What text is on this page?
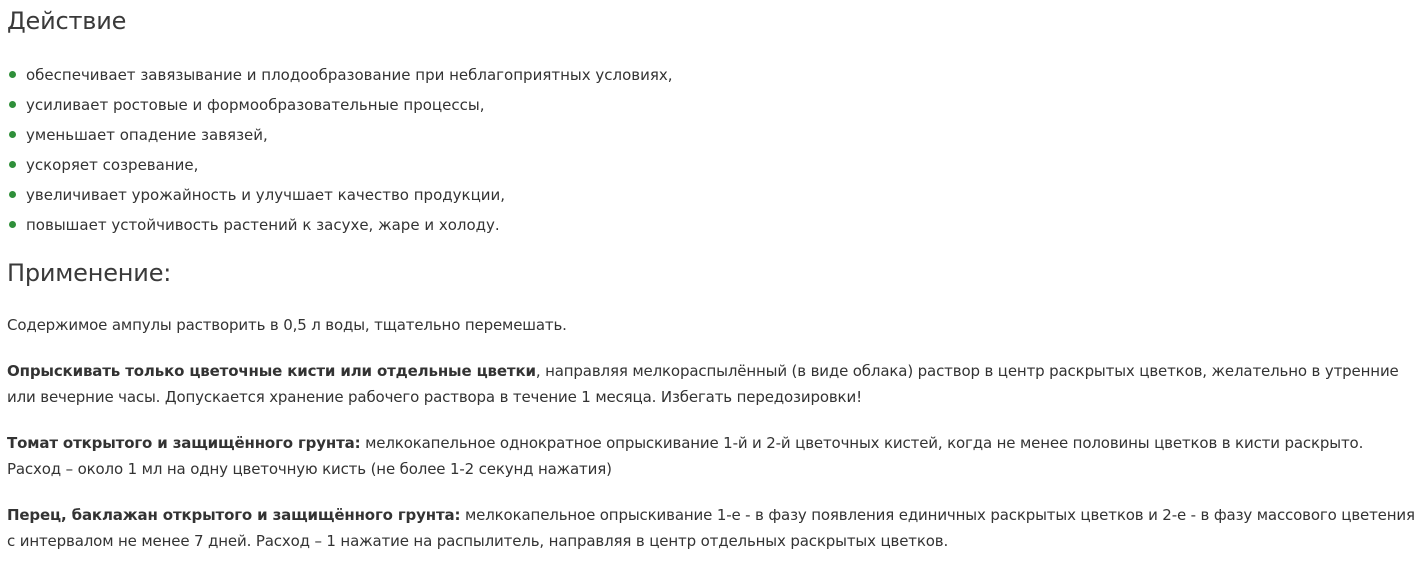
Действие
обеспечивает завязывание и плодообразование при неблагоприятных условиях,
усиливает ростовые и формообразовательные процессы,
уменьшает опадение завязей,
ускоряет созревание,
увеличивает урожайность и улучшает качество продукции,
повышает устойчивость растений к засухе, жаре и холоду.
Применение:

Содержимое ампулы растворить в 0,5 л воды, тщательно перемешать.

Опрыскивать только цветочные кисти или отдельные цветки, направляя мелкораспылённый (в виде облака) раствор в центр раскрытых цветков, желательно в утренние или вечерние часы. Допускается хранение рабочего раствора в течение 1 месяца. Избегать передозировки!

Томат открытого и защищённого грунта: мелкокапельное однократное опрыскивание 1-й и 2-й цветочных кистей, когда не менее половины цветков в кисти раскрыто. Расход – около 1 мл на одну цветочную кисть (не более 1-2 секунд нажатия)

Перец, баклажан открытого и защищённого грунта: мелкокапельное опрыскивание 1-е - в фазу появления единичных раскрытых цветков и 2-е - в фазу массового цветения с интервалом не менее 7 дней. Расход – 1 нажатие на распылитель, направляя в центр отдельных раскрытых цветков.
